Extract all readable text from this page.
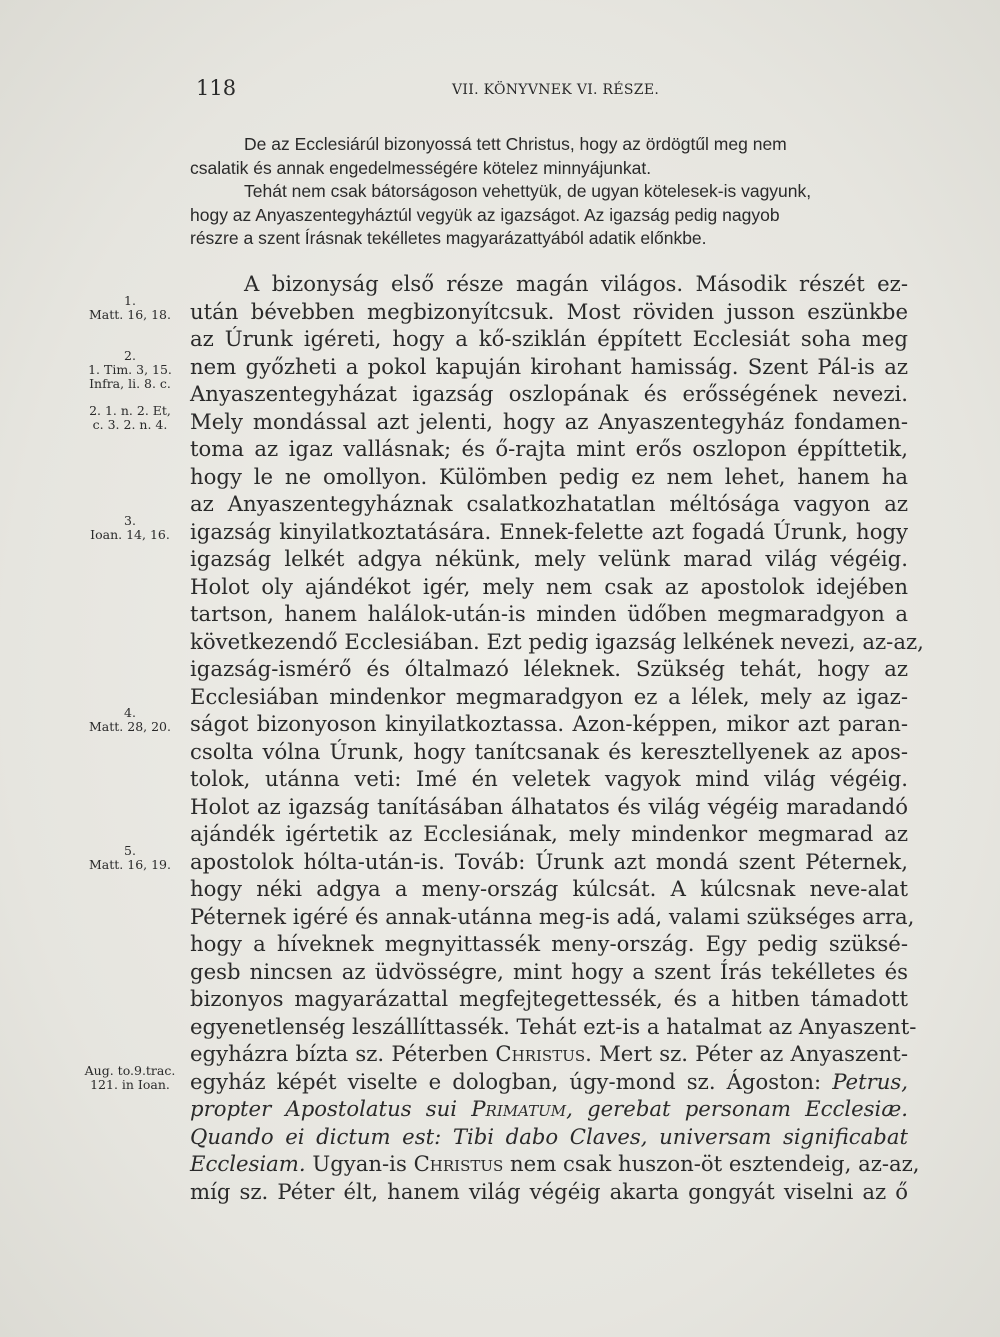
118	VII. KÖNYVNEK VI. RÉSZE.
De az Ecclesiárúl bizonyossá tett Christus, hogy az ördögtűl meg nem
csalatik és annak engedelmességére kötelez minnyájunkat.
Tehát nem csak bátorságoson vehettyük, de ugyan kötelesek-is vagyunk,
hogy az Anyaszentegyháztúl vegyük az igazságot. Az igazság pedig nagyob
részre a szent Írásnak tekélletes magyarázattyából adatik előnkbe.
A bizonyság első része magán világos. Második részét ez-
után bévebben megbizonyítcsuk. Most röviden jusson eszünkbe
az Úrunk igéreti, hogy a kő-sziklán éppített Ecclesiát soha meg
nem győzheti a pokol kapuján kirohant hamisság. Szent Pál-is az
Anyaszentegyházat igazság oszlopának és erősségének nevezi.
Mely mondással azt jelenti, hogy az Anyaszentegyház fondamen-
toma az igaz vallásnak; és ő-rajta mint erős oszlopon éppíttetik,
hogy le ne omollyon. Külömben pedig ez nem lehet, hanem ha
az Anyaszentegyháznak csalatkozhatatlan méltósága vagyon az
igazság kinyilatkoztatására. Ennek-felette azt fogadá Úrunk, hogy
igazság lelkét adgya nékünk, mely velünk marad világ végéig.
Holot oly ajándékot igér, mely nem csak az apostolok idejében
tartson, hanem halálok-után-is minden üdőben megmaradgyon a
következendő Ecclesiában. Ezt pedig igazság lelkének nevezi, az-az,
igazság-ismérő és óltalmazó léleknek. Szükség tehát, hogy az
Ecclesiában mindenkor megmaradgyon ez a lélek, mely az igaz-
ságot bizonyoson kinyilatkoztassa. Azon-képpen, mikor azt paran-
csolta vólna Úrunk, hogy tanítcsanak és keresztellyenek az apos-
tolok, utánna veti: Imé én veletek vagyok mind világ végéig.
Holot az igazság tanításában álhatatos és világ végéig maradandó
ajándék igértetik az Ecclesiának, mely mindenkor megmarad az
apostolok hólta-után-is. Továb: Úrunk azt mondá szent Péternek,
hogy néki adgya a meny-ország kúlcsát. A kúlcsnak neve-alat
Péternek igéré és annak-utánna meg-is adá, valami szükséges arra,
hogy a híveknek megnyittassék meny-ország. Egy pedig szüksé-
gesb nincsen az üdvösségre, mint hogy a szent Írás tekélletes és
bizonyos magyarázattal megfejtegettessék, és a hitben támadott
egyenetlenség leszállíttassék. Tehát ezt-is a hatalmat az Anyaszent-
egyházra bízta sz. Péterben Christus. Mert sz. Péter az Anyaszent-
egyház képét viselte e dologban, úgy-mond sz. Ágoston: Petrus,
propter Apostolatus sui Primatum, gerebat personam Ecclesiæ.
Quando ei dictum est: Tibi dabo Claves, universam significabat
Ecclesiam. Ugyan-is Christus nem csak huszon-öt esztendeig, az-az,
míg sz. Péter élt, hanem világ végéig akarta gongyát viselni az ő
1.
Matt. 16, 18.
2.
1. Tim. 3, 15.
Infra, li. 8. c.
2. 1. n. 2. Et,
c. 3. 2. n. 4.
3.
Ioan. 14, 16.
4.
Matt. 28, 20.
5.
Matt. 16, 19.
Aug. to.9.trac.
121. in Ioan.
